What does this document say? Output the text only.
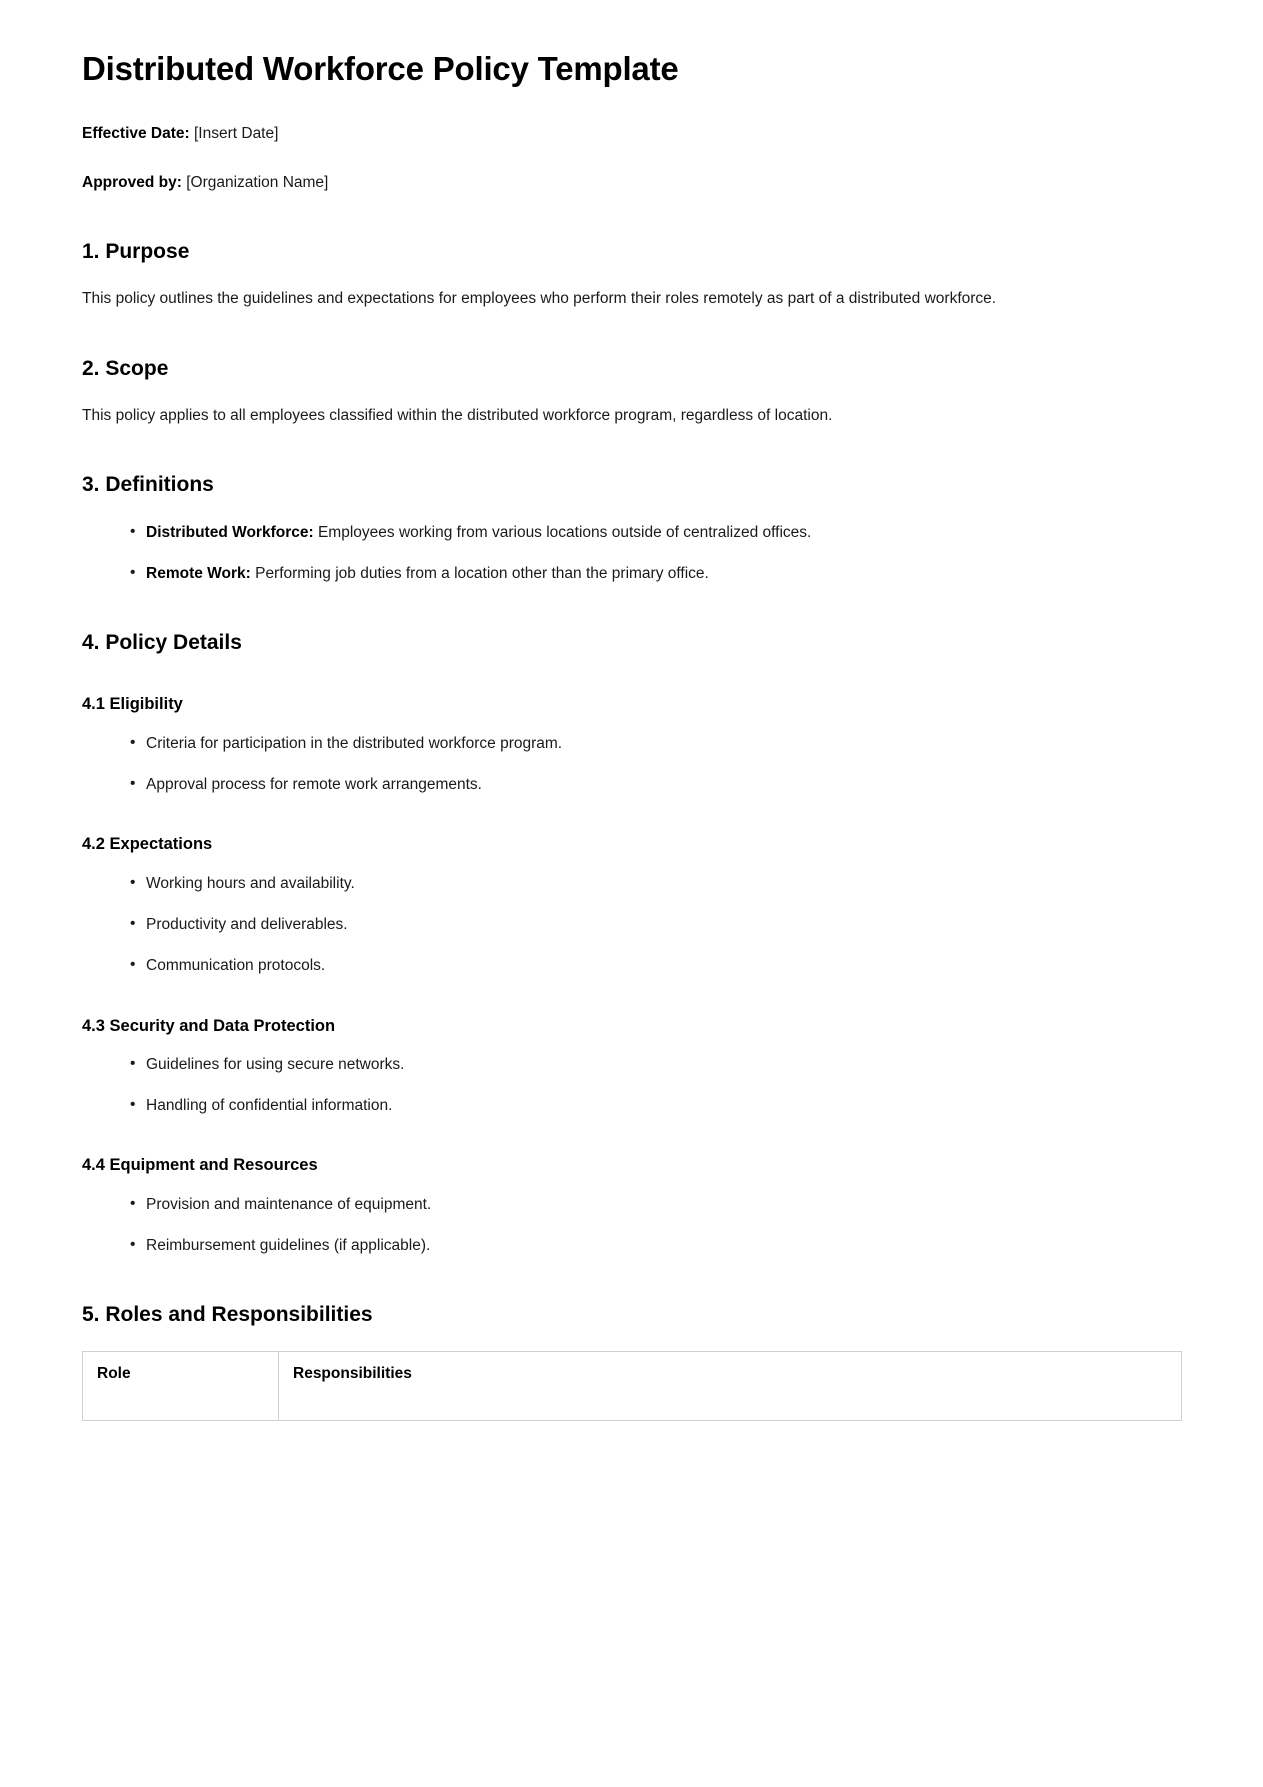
Distributed Workforce Policy Template

Effective Date: [Insert Date]

Approved by: [Organization Name]

1. Purpose

This policy outlines the guidelines and expectations for employees who perform their roles remotely as part of a distributed workforce.

2. Scope

This policy applies to all employees classified within the distributed workforce program, regardless of location.

3. Definitions
• Distributed Workforce: Employees working from various locations outside of centralized offices.
• Remote Work: Performing job duties from a location other than the primary office.
4. Policy Details
4.1 Eligibility
• Criteria for participation in the distributed workforce program.
• Approval process for remote work arrangements.
4.2 Expectations
• Working hours and availability.
• Productivity and deliverables.
• Communication protocols.
4.3 Security and Data Protection
• Guidelines for using secure networks.
• Handling of confidential information.
4.4 Equipment and Resources
• Provision and maintenance of equipment.
• Reimbursement guidelines (if applicable).
5. Roles and Responsibilities
Role	Responsibilities
